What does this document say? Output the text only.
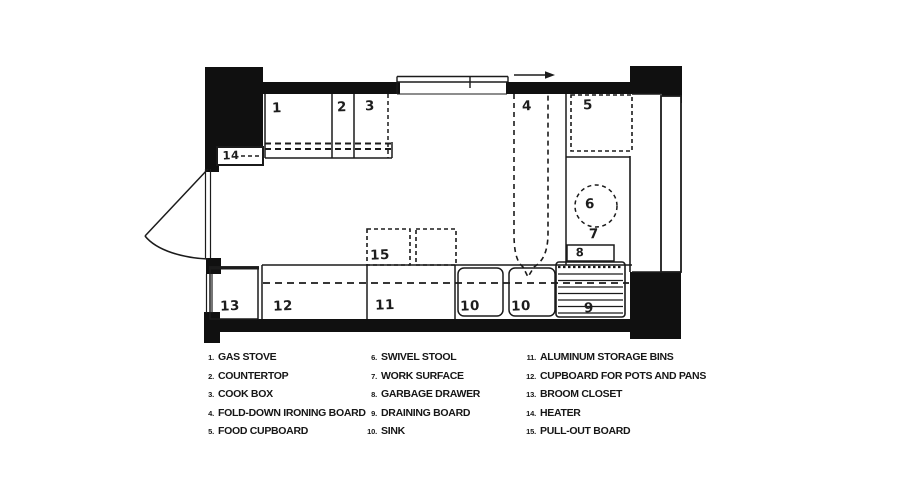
1	2 3	4	5
6
7
8
9
10 10
11
12
13
14
15
1. GAS STOVE
2. COUNTERTOP
3. COOK BOX
4. FOLD-DOWN IRONING BOARD
5. FOOD CUPBOARD
6. SWIVEL STOOL
7. WORK SURFACE
8. GARBAGE DRAWER
9. DRAINING BOARD
10. SINK
11. ALUMINUM STORAGE BINS
12. CUPBOARD FOR POTS AND PANS
13. BROOM CLOSET
14. HEATER
15. PULL-OUT BOARD
